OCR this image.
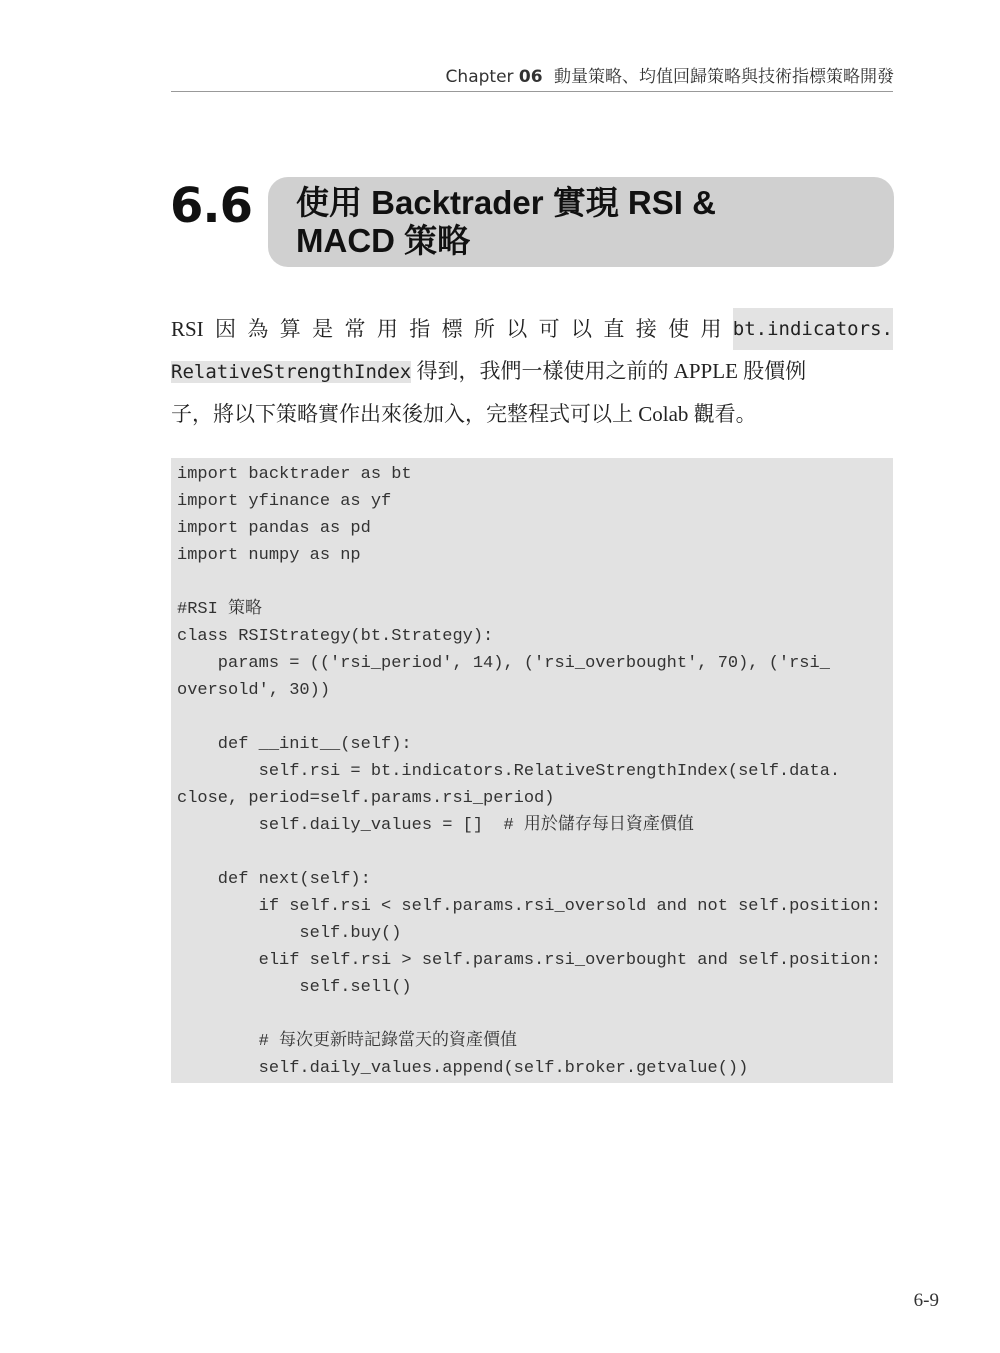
Chapter 06 動量策略、均值回歸策略與技術指標策略開發
6.6 使用 Backtrader 實現 RSI &
MACD 策略
RSI 因 為 算 是 常 用 指 標 所 以 可 以 直 接 使 用 bt.indicators.
RelativeStrengthIndex 得到，我們一樣使用之前的 APPLE 股價例
子，將以下策略實作出來後加入，完整程式可以上 Colab 觀看。
import backtrader as bt
import yfinance as yf
import pandas as pd
import numpy as np
#RSI 策略
class RSIStrategy(bt.Strategy):
params = (('rsi_period', 14), ('rsi_overbought', 70), ('rsi_
oversold', 30))
def __init__(self):
self.rsi = bt.indicators.RelativeStrengthIndex(self.data.
close, period=self.params.rsi_period)
self.daily_values = []  # 用於儲存每日資產價值
def next(self):
if self.rsi < self.params.rsi_oversold and not self.position:
self.buy()
elif self.rsi > self.params.rsi_overbought and self.position:
self.sell()
# 每次更新時記錄當天的資產價值
self.daily_values.append(self.broker.getvalue())
6-9
